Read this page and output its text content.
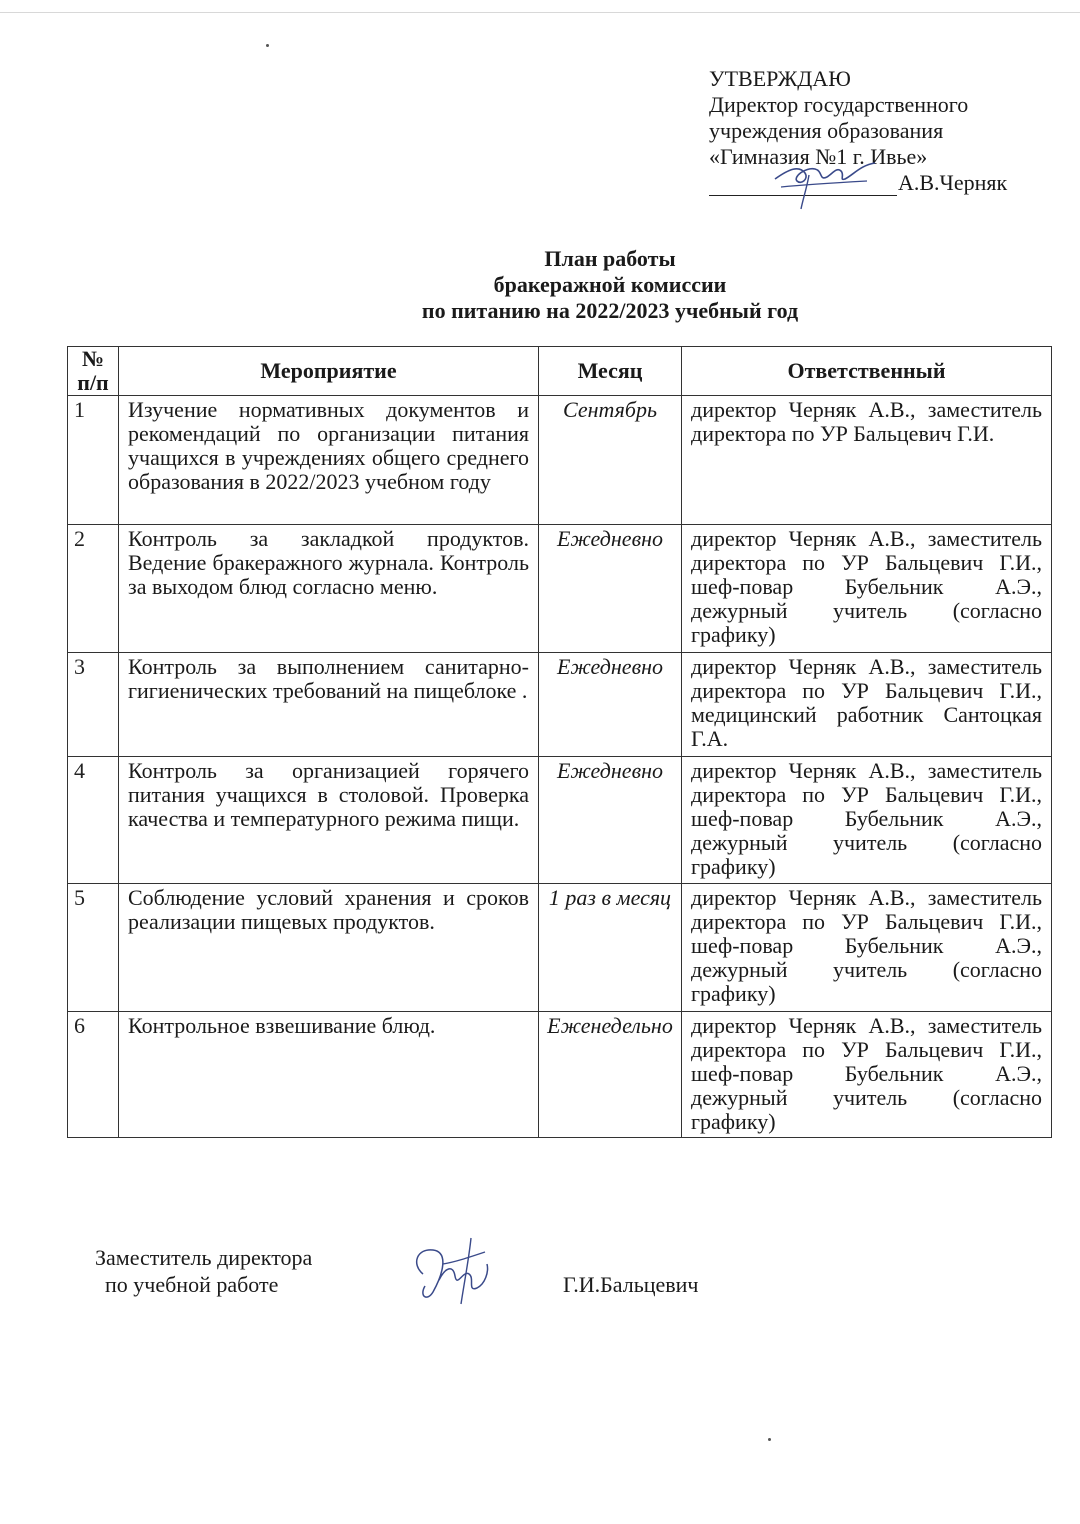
УТВЕРЖДАЮ
Директор государственного
учреждения образования
«Гимназия №1 г. Ивье»
А.В.Черняк
План работы
бракеражной комиссии
по питанию на 2022/2023 учебный год
№ п/п	Мероприятие	Месяц	Ответственный
1	Изучение нормативных документов и рекомендаций по организации питания учащихся в учреждениях общего среднего образования в 2022/2023 учебном году	Сентябрь	директор Черняк А.В., заместитель директора по УР Бальцевич Г.И.
2	Контроль за закладкой продуктов. Ведение бракеражного журнала. Контроль за выходом блюд согласно меню.	Ежедневно	директор Черняк А.В., заместитель директора по УР Бальцевич Г.И., шеф-повар Бубельник А.Э., дежурный учитель (согласно графику)
3	Контроль за выполнением санитарно- гигиенических требований на пищеблоке .	Ежедневно	директор Черняк А.В., заместитель директора по УР Бальцевич Г.И., медицинский работник Сантоцкая Г.А.
4	Контроль за организацией горячего питания учащихся в столовой. Проверка качества и температурного режима пищи.	Ежедневно	директор Черняк А.В., заместитель директора по УР Бальцевич Г.И., шеф-повар Бубельник А.Э., дежурный учитель (согласно графику)
5	Соблюдение условий хранения и сроков реализации пищевых продуктов.	1 раз в месяц	директор Черняк А.В., заместитель директора по УР Бальцевич Г.И., шеф-повар Бубельник А.Э., дежурный учитель (согласно графику)
6	Контрольное взвешивание блюд.	Еженедельно	директор Черняк А.В., заместитель директора по УР Бальцевич Г.И., шеф-повар Бубельник А.Э., дежурный учитель (согласно графику)
Заместитель директора
по учебной работе	Г.И.Бальцевич
